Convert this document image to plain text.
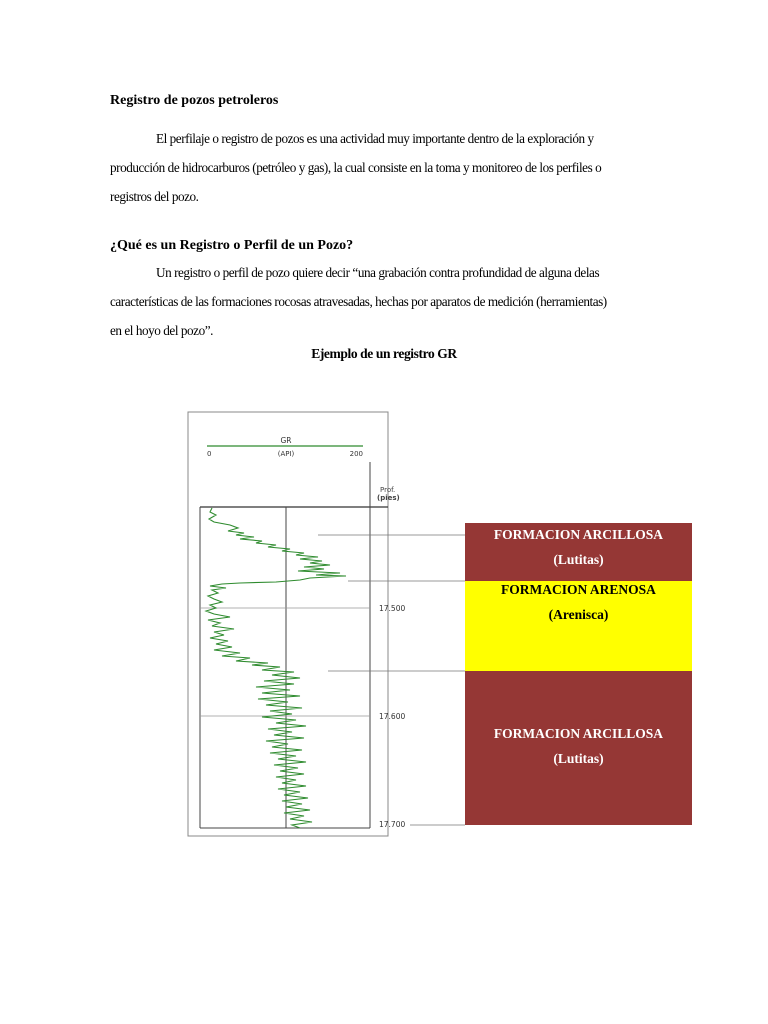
Registro de pozos petroleros
El perfilaje o registro de pozos es una actividad muy importante dentro de la exploración y
producción de hidrocarburos (petróleo y gas), la cual consiste en la toma y monitoreo de los perfiles o
registros del pozo.
¿Qué es un Registro o Perfil de un Pozo?
Un registro o perfil de pozo quiere decir “una grabación contra profundidad de alguna delas
características de las formaciones rocosas atravesadas, hechas por aparatos de medición (herramientas)
en el hoyo del pozo”.
Ejemplo de un registro GR
GR
0	(API)	200
Prof.
(pies)
17.500
17.600
17.700
FORMACION ARCILLOSA
(Lutitas)
FORMACION ARENOSA
(Arenisca)
FORMACION ARCILLOSA
(Lutitas)
